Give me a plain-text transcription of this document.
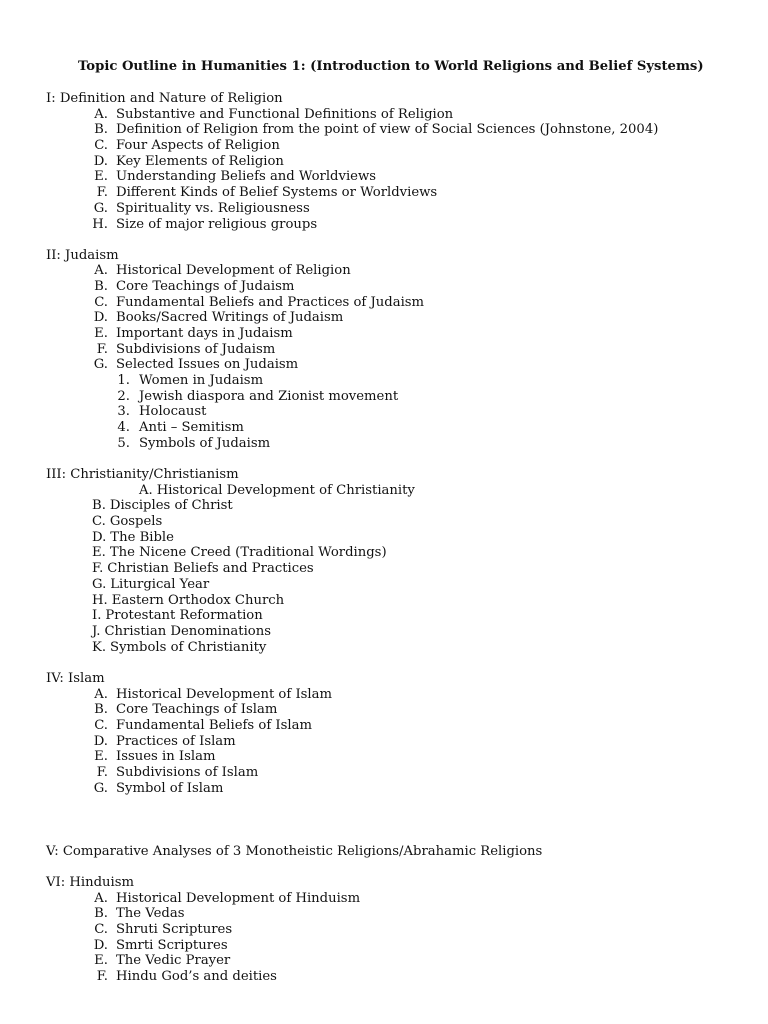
Topic Outline in Humanities 1: (Introduction to World Religions and Belief Systems)
I: Definition and Nature of Religion
A. Substantive and Functional Definitions of Religion
B. Definition of Religion from the point of view of Social Sciences (Johnstone, 2004)
C. Four Aspects of Religion
D. Key Elements of Religion
E. Understanding Beliefs and Worldviews
F. Different Kinds of Belief Systems or Worldviews
G. Spirituality vs. Religiousness
H. Size of major religious groups
II: Judaism
A. Historical Development of Religion
B. Core Teachings of Judaism
C. Fundamental Beliefs and Practices of Judaism
D. Books/Sacred Writings of Judaism
E. Important days in Judaism
F. Subdivisions of Judaism
G. Selected Issues on Judaism
1. Women in Judaism
2. Jewish diaspora and Zionist movement
3. Holocaust
4. Anti – Semitism
5. Symbols of Judaism
III: Christianity/Christianism
A. Historical Development of Christianity
B. Disciples of Christ
C. Gospels
D. The Bible
E. The Nicene Creed (Traditional Wordings)
F. Christian Beliefs and Practices
G. Liturgical Year
H. Eastern Orthodox Church
I. Protestant Reformation
J. Christian Denominations
K. Symbols of Christianity
IV: Islam
A. Historical Development of Islam
B. Core Teachings of Islam
C. Fundamental Beliefs of Islam
D. Practices of Islam
E. Issues in Islam
F. Subdivisions of Islam
G. Symbol of Islam
V: Comparative Analyses of 3 Monotheistic Religions/Abrahamic Religions
VI: Hinduism
A. Historical Development of Hinduism
B. The Vedas
C. Shruti Scriptures
D. Smrti Scriptures
E. The Vedic Prayer
F. Hindu God’s and deities
